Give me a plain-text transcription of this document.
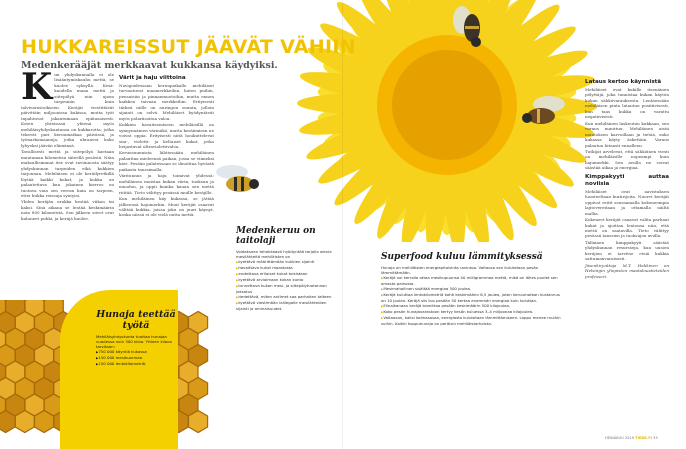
HUKKAREISSUT JÄÄVÄT VÄHIIN
Medenkerääjät merkkaavat kukkansa käydyiksi.

Kun yhdyskunnalla ei ole lisääntymiskauhu mettä, se kuolee syksyllä. Kesäkaudella maan mettä ja siitepölyä niin ajaen tarpeiniin kuin talvivarastoikseen. Keräjät viestittävät päivittäin miljoonissa kukissa, mutta työt tapahtuvat jakautumaan epätasaisesti. Koten yhteisissä yhtenä myös mehiläisyhdyskuntansa on kukkarotta, jotka tekevät pari keruumatkaa päivässä, ja työnarkomaaneja, jotka uhraavat koko lyhyeksi jäävän elämänsä.

Tavallisesti mettä ja siitepölyä haetaan muutaman kilometrin säteellä pesästä. Näin maksullisimmat itse ovat raviinnosta säätyy yhdyskunnan tarpeiden eikä kukkien tarjonnan. Mehiläisen ei ole keräilyretkillä löytää kaikki kukat, ja kukka on palautettava kun jokainen kierros on tuotava vain sen verran kuin on tarpeen, ettei hukka reissuja syntyisi.

Yhden keräjän urakka kestää viikon tai kaksi. Sinä aikana se lentää keskimäärin noin 800 kilometriä. Sen jälkeen siivet ovat kuluneet puhki, ja keräjä kuolee.

Värit ja haju viittoina

Navigoidessaan keruupaikalle mehiläiset turvautuvat maamerkkeihin, kuten puihin, pensaisiin ja pinnanmuotoihin, mutta ennen kaikkea taivaan merkkeihin. Erityisesti tärkeä niille on auringon suunta, jolloin sijainti on selvä. Mehiläiset hyödyntävät myös polariisoitua valoa.

Kukkien havaitsemiseen mehiläisillä on synnynnäinen värinäkö, mutta keräämisen ne voivat oppia. Erityisesti niitä houkuttelevat sini-, violetti- ja keltaiset kukat, jotka heijastavat ultraviolettivaloa.

Keruusuunnista lähtiessään mehiläinen palauttaa mieleensä paikan, jossa se viimeksi kävi. Pesään palatessaan se ilmoittaa hyvästä paikasta tanssimalla.

Väritunnus ja haju toimivat yhdessä: mehiläinen muistaa kukan värin, tuoksun ja muodon, ja oppii kuinka kauan sen mettä riittää. Tieto välittyy pesässä muille keräjille.

Kun mehiläinen käy kukassa, se jättää jälkeensä hajumerkin. Muut keräjät osaavat välttää kukkia, joissa joku on juuri käynyt, koska niissä ei ole vielä uutta mettä.

Lataus kertoo käynnistä

Mehiläiset ovat kukille itsenäinen pölyttäjä, joka tunnistaa kukan käytön kukan sähkövarauksesta. Lentäessään mehiläisen pinta latautuu positiivisesti, kun taas kukka on varattu negatiivisesti.

Kun mehiläinen laskeutuu kukkaan, sen varaus muuttuu. Mehiläinen aistii muutoksen karvoillaan ja tietää, onko kukassa käyty äskettäin. Varaus palautuu hitaasti ennalleen.

Tutkijat arvelevat, että sähköinen viesti on mehiläisille nopeampi kuin hajumerkki. Sen avulla ne voivat säästää aikaa ja energiaa.

Kimppakyyti auttaa noviisia

Mehiläiset ovat aavistuksen luonteeltaan kuriirijoita. Nuoret keräjät oppivat reitit seuraamalla kokeneempia lajitovereitaan ja ottamalla näiltä mallia.

Kokeneet keräjät osaavat valita parhaat kukat ja ajoittaa lentonsa niin, että mettä on saatavilla. Tieto välittyy pesässä tanssien ja tuoksujen avulla.

Tällainen kimppakyyti säästää yhdyskunnan resursseja, kun uusien keräjien ei tarvitse etsiä kukkia sattumanvaraisesti.

Jäsenkirjoittaja M.T. Hakkinen on Helsingin yliopiston maataloustieteiden professori.

Hunaja teettää työtä
Mehiläisyhdyskunta tuottaa hunajaa vuodessa noin 300 kiloa. Yhteen kiloon tarvitaan:
▶ 750 000 käyntiä kukassa
▶ 150 000 mesikuormaa
▶ 150 000 lentokilometriä.
Medenkeruu on taitolaji
Voidakseen tehokkaasti hyödyntää tarjolla olevia mesilähteitä mehiläisten on
▶ kyettävä määrittämään kukkien sijainti
▶ havaittava kukat maastosta
▶ erotettava erilaiset kukat toisistaan
▶ kyettävä arvioimaan kukan kunto
▶ tunnettava kukan mesi- ja siitepölytuotannon jaksotus
▶ tiedettävä, miten antimet saa parhaiten talteen
▶ kyettävä viestimään laillegolle mesilähteiden sijainti ja ominaisuudet.
Superfood kuluu lämmityksessä
Hunaja on mehiläisten energiapitoisinta ravintoa. Valtaosa sen kulutetaan pesän lämmittämään.
▶ Keräjä voi kerralla ottaa mesikupuunsa 40 milligrammaa mettä, mikä on lähes puolet sen omasta painosta.
▶ Mesimahallinen sisältää energiaa 500 joulea.
▶ Keräjä kuluttaa lentokilometriä kohti keskimäärin 6,5 joulea, joten keruumatkan kustannus on 10 joulea. Keräjä siis tuo pesään 50 kertaa enemmän energiaa kuin kuluttaa.
▶ Elinaikanaan keräjä toimittaa pesään keskimäärin 500 kilojoulea.
▶ Koko pesän hunajavarastoon kertyy kesän kuluessa 3–4 miljoonaa kilojoulea.
▶ Valtaosan, kaksi kolmasosaa, energiasta kulutetaan lämmittämiseen. Loppu menee muihin suihin. Kaikki kuppuhunaja on peräisin mehiläistarhoista.
HEINÄKUU 2019 TIEDE.FI 35
